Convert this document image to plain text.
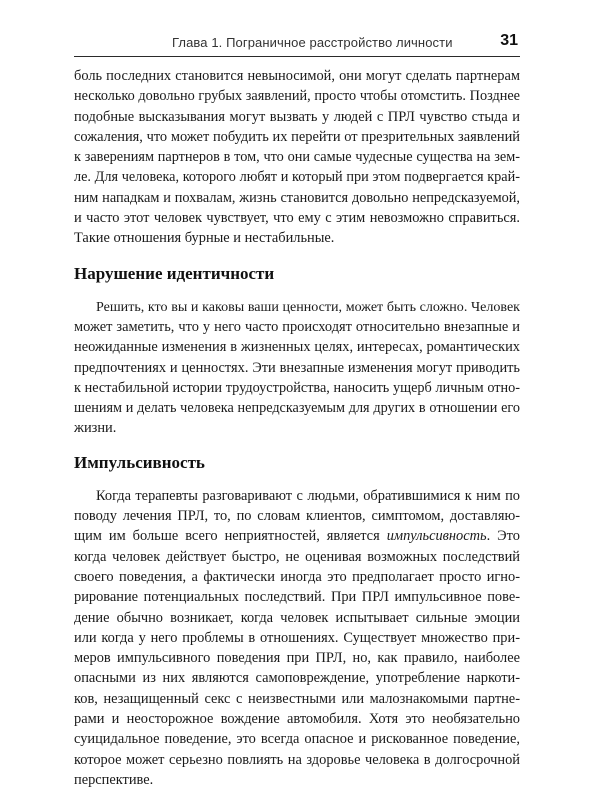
Глава 1. Пограничное расстройство личности	31

боль последних становится невыносимой, они могут сделать партнерам
несколько довольно грубых заявлений, просто чтобы отомстить. Позднее
подобные высказывания могут вызвать у людей с ПРЛ чувство стыда и
сожаления, что может побудить их перейти от презрительных заявлений
к заверениям партнеров в том, что они самые чудесные существа на зем-
ле. Для человека, которого любят и который при этом подвергается край-
ним нападкам и похвалам, жизнь становится довольно непредсказуемой,
и часто этот человек чувствует, что ему с этим невозможно справиться.
Такие отношения бурные и нестабильные.

Нарушение идентичности

Решить, кто вы и каковы ваши ценности, может быть сложно. Человек
может заметить, что у него часто происходят относительно внезапные и
неожиданные изменения в жизненных целях, интересах, романтических
предпочтениях и ценностях. Эти внезапные изменения могут приводить
к нестабильной истории трудоустройства, наносить ущерб личным отно-
шениям и делать человека непредсказуемым для других в отношении его
жизни.

Импульсивность

Когда терапевты разговаривают с людьми, обратившимися к ним по
поводу лечения ПРЛ, то, по словам клиентов, симптомом, доставляю-
щим им больше всего неприятностей, является импульсивность. Это
когда человек действует быстро, не оценивая возможных последствий
своего поведения, а фактически иногда это предполагает просто игно-
рирование потенциальных последствий. При ПРЛ импульсивное пове-
дение обычно возникает, когда человек испытывает сильные эмоции
или когда у него проблемы в отношениях. Существует множество при-
меров импульсивного поведения при ПРЛ, но, как правило, наиболее
опасными из них являются самоповреждение, употребление наркоти-
ков, незащищенный секс с неизвестными или малознакомыми партне-
рами и неосторожное вождение автомобиля. Хотя это необязательно
суицидальное поведение, это всегда опасное и рискованное поведение,
которое может серьезно повлиять на здоровье человека в долгосрочной
перспективе.
